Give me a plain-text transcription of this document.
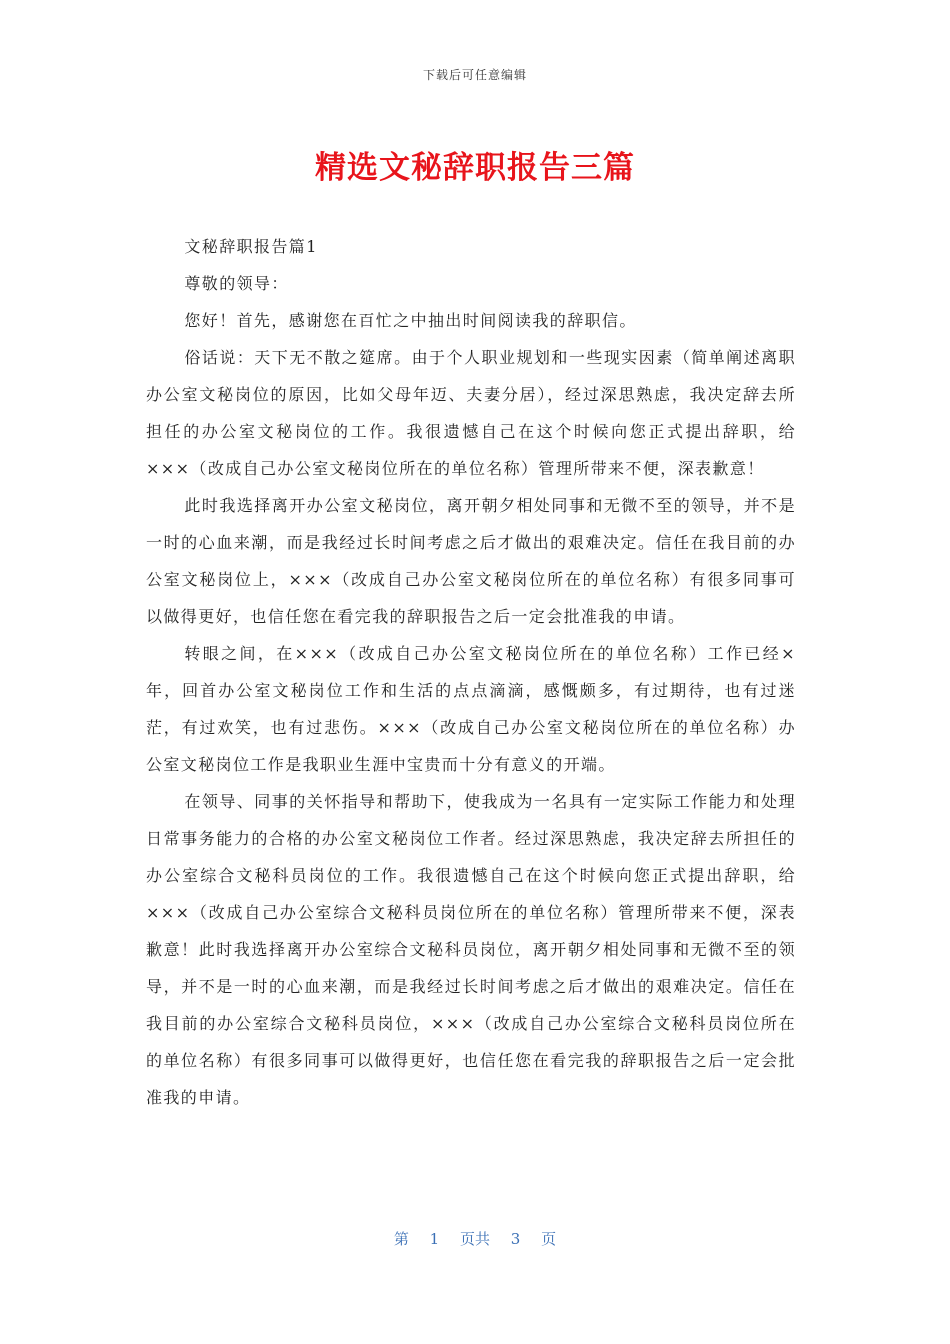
下载后可任意编辑
精选文秘辞职报告三篇

文秘辞职报告篇1

尊敬的领导：

您好！首先，感谢您在百忙之中抽出时间阅读我的辞职信。

俗话说：天下无不散之筵席。由于个人职业规划和一些现实因素（简单阐述离职办公室文秘岗位的原因，比如父母年迈、夫妻分居），经过深思熟虑，我决定辞去所担任的办公室文秘岗位的工作。我很遗憾自己在这个时候向您正式提出辞职，给×××（改成自己办公室文秘岗位所在的单位名称）管理所带来不便，深表歉意！

此时我选择离开办公室文秘岗位，离开朝夕相处同事和无微不至的领导，并不是一时的心血来潮，而是我经过长时间考虑之后才做出的艰难决定。信任在我目前的办公室文秘岗位上，×××（改成自己办公室文秘岗位所在的单位名称）有很多同事可以做得更好，也信任您在看完我的辞职报告之后一定会批准我的申请。

转眼之间，在×××（改成自己办公室文秘岗位所在的单位名称）工作已经×年，回首办公室文秘岗位工作和生活的点点滴滴，感慨颇多，有过期待，也有过迷茫，有过欢笑，也有过悲伤。×××（改成自己办公室文秘岗位所在的单位名称）办公室文秘岗位工作是我职业生涯中宝贵而十分有意义的开端。

在领导、同事的关怀指导和帮助下，使我成为一名具有一定实际工作能力和处理日常事务能力的合格的办公室文秘岗位工作者。经过深思熟虑，我决定辞去所担任的办公室综合文秘科员岗位的工作。我很遗憾自己在这个时候向您正式提出辞职，给×××（改成自己办公室综合文秘科员岗位所在的单位名称）管理所带来不便，深表歉意！此时我选择离开办公室综合文秘科员岗位，离开朝夕相处同事和无微不至的领导，并不是一时的心血来潮，而是我经过长时间考虑之后才做出的艰难决定。信任在我目前的办公室综合文秘科员岗位，×××（改成自己办公室综合文秘科员岗位所在的单位名称）有很多同事可以做得更好，也信任您在看完我的辞职报告之后一定会批准我的申请。

第 1 页共 3 页
